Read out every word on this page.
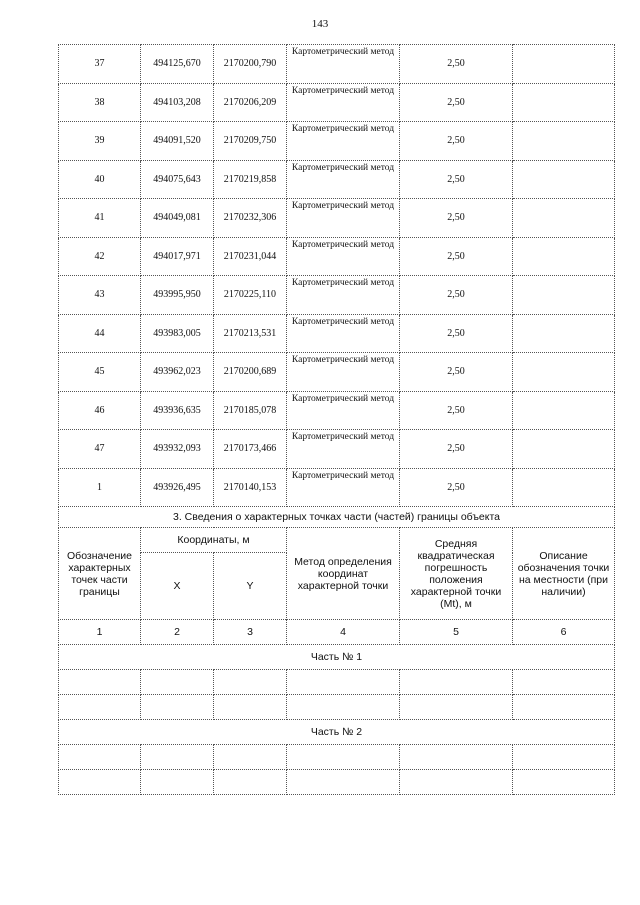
143
37	494125,670	2170200,790	Картометрический метод	2,50	
38	494103,208	2170206,209	Картометрический метод	2,50	
39	494091,520	2170209,750	Картометрический метод	2,50	
40	494075,643	2170219,858	Картометрический метод	2,50	
41	494049,081	2170232,306	Картометрический метод	2,50	
42	494017,971	2170231,044	Картометрический метод	2,50	
43	493995,950	2170225,110	Картометрический метод	2,50	
44	493983,005	2170213,531	Картометрический метод	2,50	
45	493962,023	2170200,689	Картометрический метод	2,50	
46	493936,635	2170185,078	Картометрический метод	2,50	
47	493932,093	2170173,466	Картометрический метод	2,50	
1	493926,495	2170140,153	Картометрический метод	2,50	
3. Сведения о характерных точках части (частей) границы объекта					
Обозначение характерных точек части границы	Координаты, м		Метод определения координат характерной точки	Средняя квадратическая погрешность положения характерной точки (Mt), м	Описание обозначения точки на местности (при наличии)
	X	Y			
1	2	3	4	5	6
Часть № 1					

Часть № 2					
